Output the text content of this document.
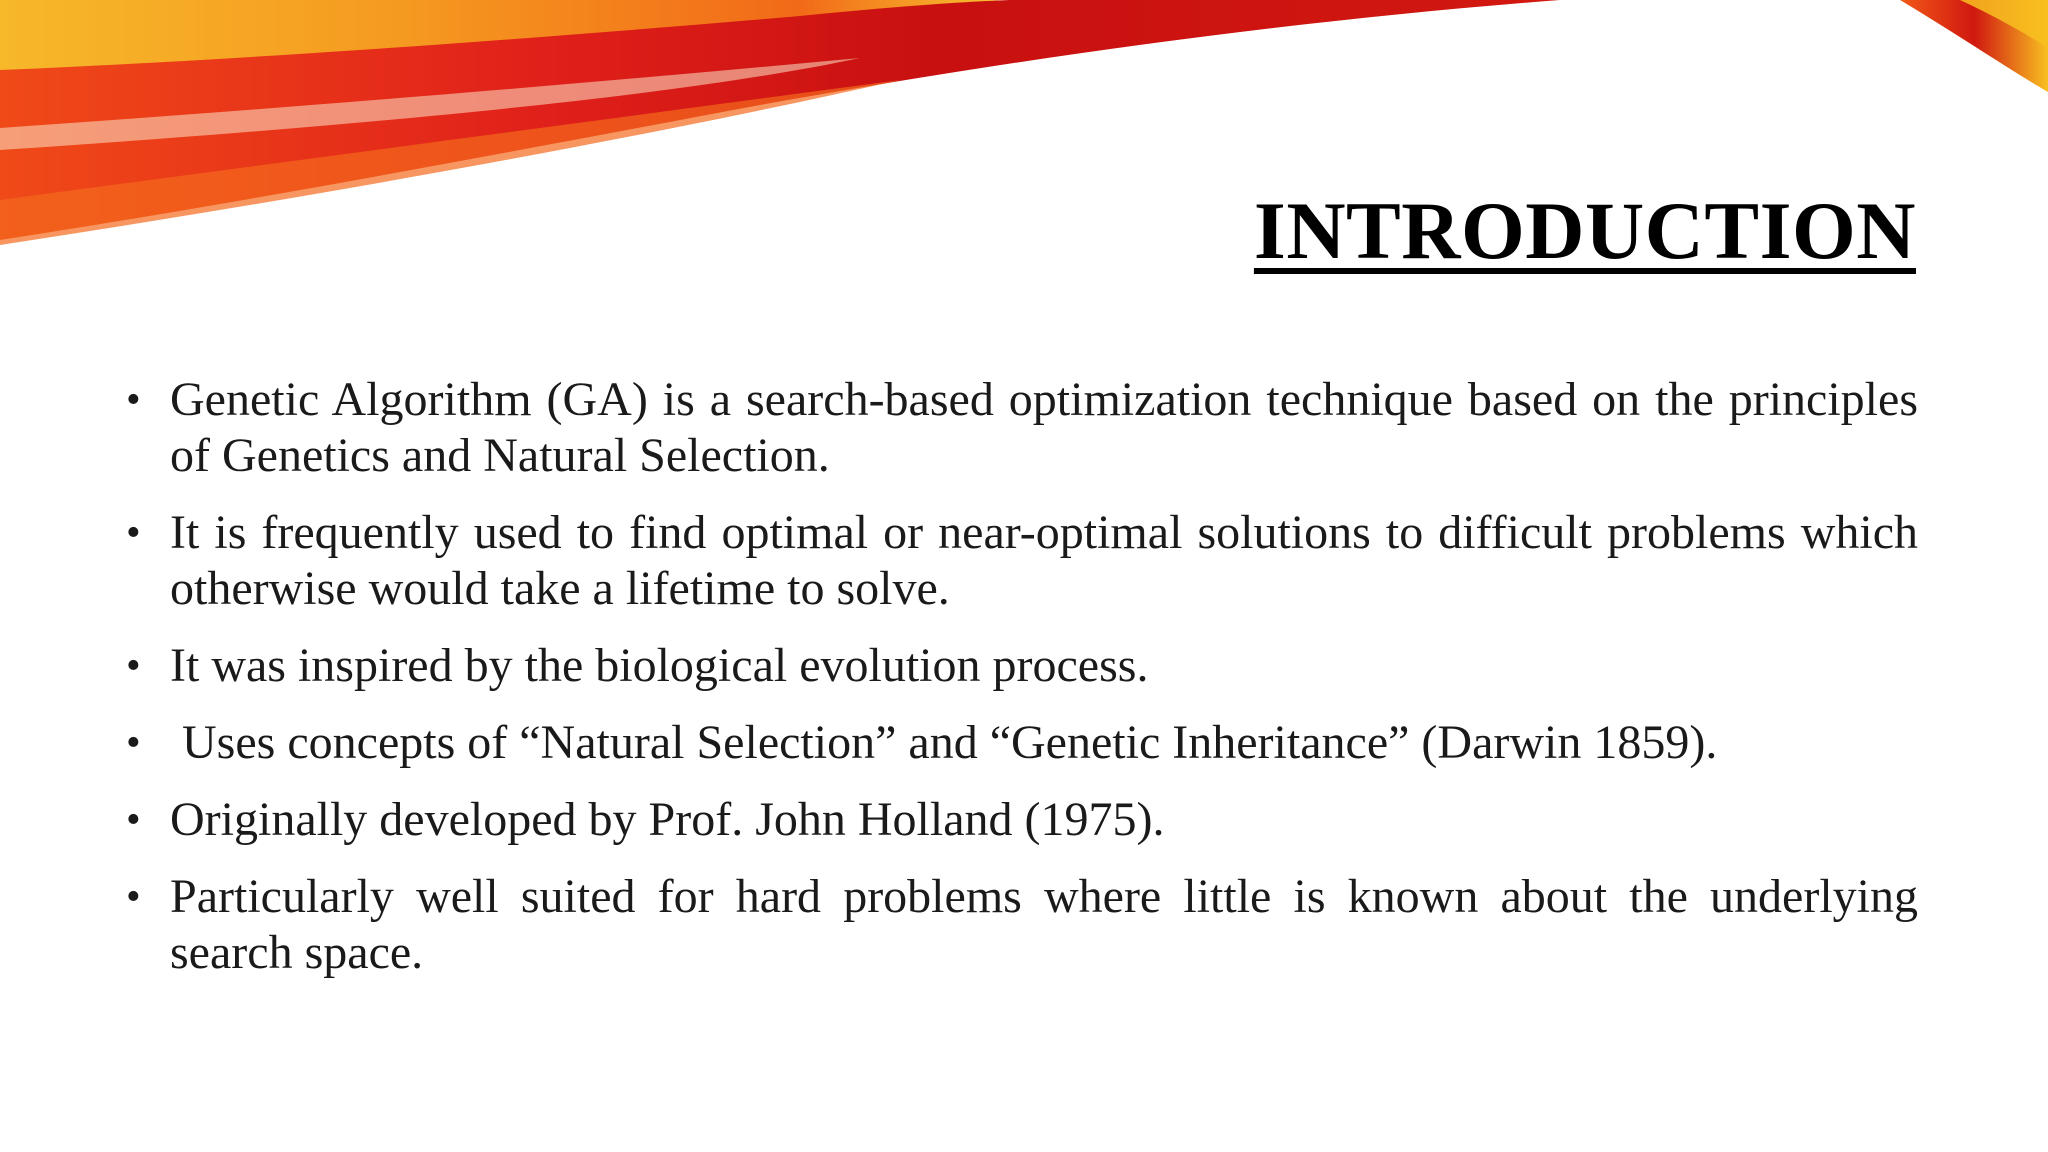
INTRODUCTION
• Genetic Algorithm (GA) is a search-based optimization technique based on the principles of Genetics and Natural Selection.
• It is frequently used to find optimal or near-optimal solutions to difficult problems which otherwise would take a lifetime to solve.
• It was inspired by the biological evolution process.
• Uses concepts of “Natural Selection” and “Genetic Inheritance” (Darwin 1859).
• Originally developed by Prof. John Holland (1975).
• Particularly well suited for hard problems where little is known about the underlying search space.
